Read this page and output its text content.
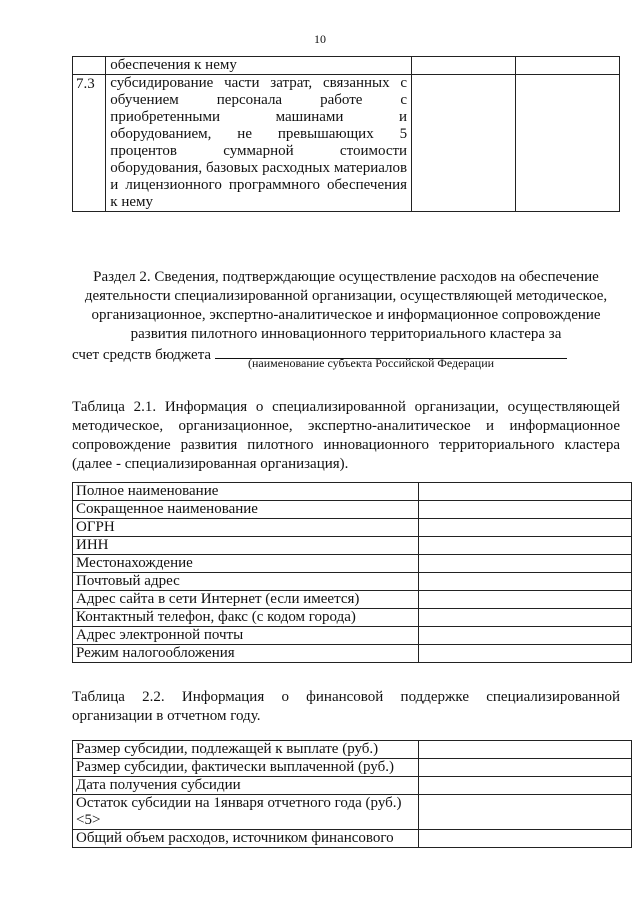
10
	обеспечения к нему		
7.3	субсидирование части затрат, связанных с обучением персонала работе с приобретенными машинами и оборудованием, не превышающих 5 процентов суммарной стоимости оборудования, базовых расходных материалов и лицензионного программного обеспечения к нему		
Раздел 2. Сведения, подтверждающие осуществление расходов на обеспечение деятельности специализированной организации, осуществляющей методическое, организационное, экспертно-аналитическое и информационное сопровождение развития пилотного инновационного территориального кластера за
счет средств бюджета	(наименование субъекта Российской Федерации
Таблица 2.1. Информация о специализированной организации, осуществляющей методическое, организационное, экспертно-аналитическое и информационное сопровождение развития пилотного инновационного территориального кластера (далее - специализированная организация).
Полное наименование	
Сокращенное наименование	
ОГРН	
ИНН	
Местонахождение	
Почтовый адрес	
Адрес сайта в сети Интернет (если имеется)	
Контактный телефон, факс (с кодом города)	
Адрес электронной почты	
Режим налогообложения	
Таблица 2.2. Информация о финансовой поддержке специализированной организации в отчетном году.
Размер субсидии, подлежащей к выплате (руб.)	
Размер субсидии, фактически выплаченной (руб.)	
Дата получения субсидии	
Остаток субсидии на 1января отчетного года (руб.) <5>	
Общий объем расходов, источником финансового	
